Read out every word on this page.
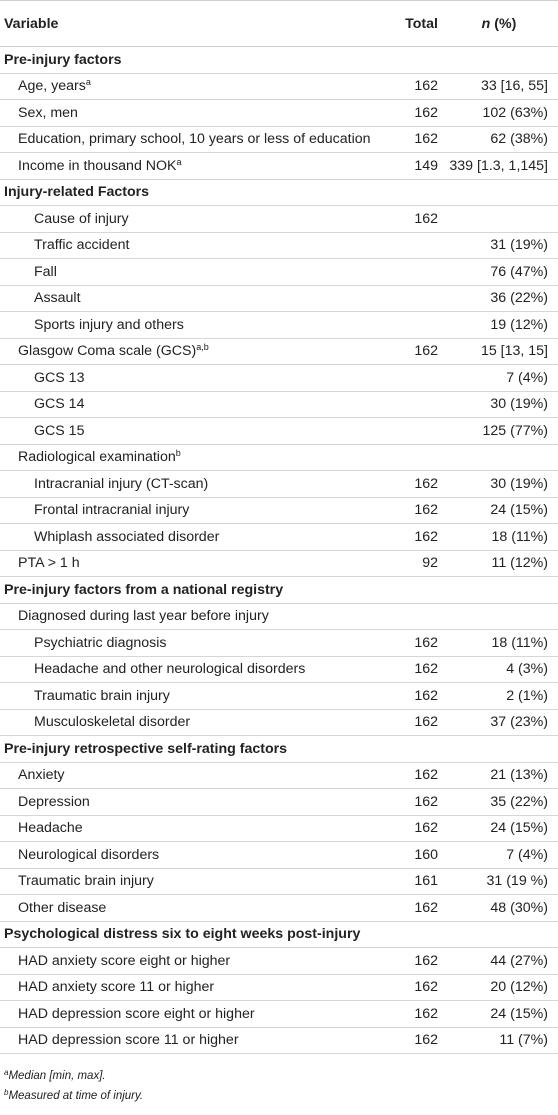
Variable	Total	n (%)
Pre-injury factors		
Age, years$^a$	162	33 [16, 55]
Sex, men	162	102 (63%)
Education, primary school, 10 years or less of education	162	62 (38%)
Income in thousand NOK$^a$	149	339 [1.3, 1,145]
Injury-related Factors		
Cause of injury	162	
Traffic accident		31 (19%)
Fall		76 (47%)
Assault		36 (22%)
Sports injury and others		19 (12%)
Glasgow Coma scale (GCS)$^{a,b}$	162	15 [13, 15]
GCS 13		7 (4%)
GCS 14		30 (19%)
GCS 15		125 (77%)
Radiological examination$^b$		
Intracranial injury (CT-scan)	162	30 (19%)
Frontal intracranial injury	162	24 (15%)
Whiplash associated disorder	162	18 (11%)
PTA > 1 h	92	11 (12%)
Pre-injury factors from a national registry		
Diagnosed during last year before injury		
Psychiatric diagnosis	162	18 (11%)
Headache and other neurological disorders	162	4 (3%)
Traumatic brain injury	162	2 (1%)
Musculoskeletal disorder	162	37 (23%)
Pre-injury retrospective self-rating factors		
Anxiety	162	21 (13%)
Depression	162	35 (22%)
Headache	162	24 (15%)
Neurological disorders	160	7 (4%)
Traumatic brain injury	161	31 (19 %)
Other disease	162	48 (30%)
Psychological distress six to eight weeks post-injury		
HAD anxiety score eight or higher	162	44 (27%)
HAD anxiety score 11 or higher	162	20 (12%)
HAD depression score eight or higher	162	24 (15%)
HAD depression score 11 or higher	162	11 (7%)
$^a$Median [min, max].
$^b$Measured at time of injury.
